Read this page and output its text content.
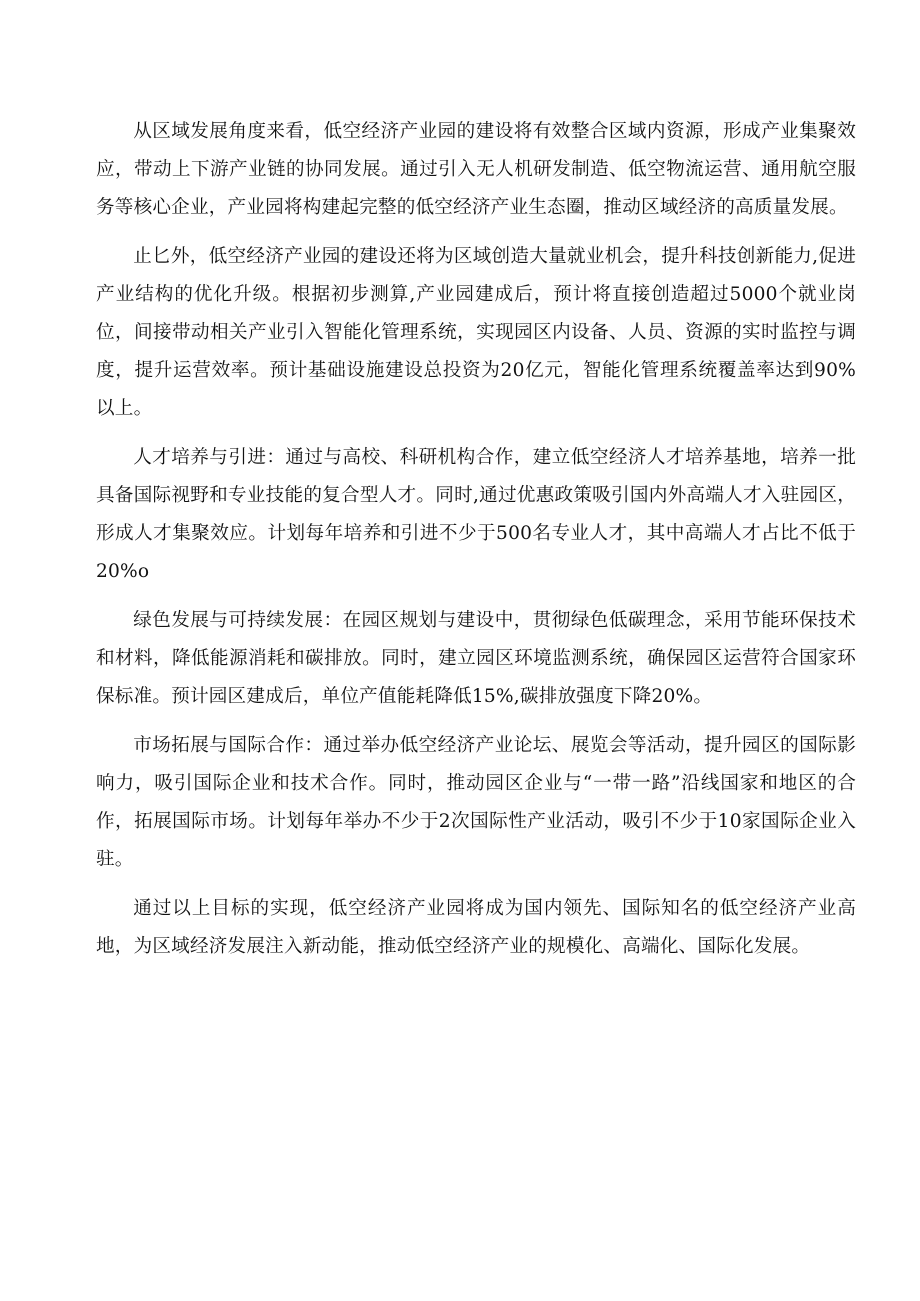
从区域发展角度来看，低空经济产业园的建设将有效整合区域内资源，形成产业集聚效应，带动上下游产业链的协同发展。通过引入无人机研发制造、低空物流运营、通用航空服务等核心企业，产业园将构建起完整的低空经济产业生态圈，推动区域经济的高质量发展。

止匕外，低空经济产业园的建设还将为区域创造大量就业机会，提升科技创新能力,促进产业结构的优化升级。根据初步测算,产业园建成后，预计将直接创造超过5000个就业岗位，间接带动相关产业引入智能化管理系统，实现园区内设备、人员、资源的实时监控与调度，提升运营效率。预计基础设施建设总投资为20亿元，智能化管理系统覆盖率达到90%以上。

人才培养与引进：通过与高校、科研机构合作，建立低空经济人才培养基地，培养一批具备国际视野和专业技能的复合型人才。同时,通过优惠政策吸引国内外高端人才入驻园区，形成人才集聚效应。计划每年培养和引进不少于500名专业人才，其中高端人才占比不低于20%o

绿色发展与可持续发展：在园区规划与建设中，贯彻绿色低碳理念，采用节能环保技术和材料，降低能源消耗和碳排放。同时，建立园区环境监测系统，确保园区运营符合国家环保标准。预计园区建成后，单位产值能耗降低15%,碳排放强度下降20%。

市场拓展与国际合作：通过举办低空经济产业论坛、展览会等活动，提升园区的国际影响力，吸引国际企业和技术合作。同时，推动园区企业与“一带一路”沿线国家和地区的合作，拓展国际市场。计划每年举办不少于2次国际性产业活动，吸引不少于10家国际企业入驻。

通过以上目标的实现，低空经济产业园将成为国内领先、国际知名的低空经济产业高地，为区域经济发展注入新动能，推动低空经济产业的规模化、高端化、国际化发展。
